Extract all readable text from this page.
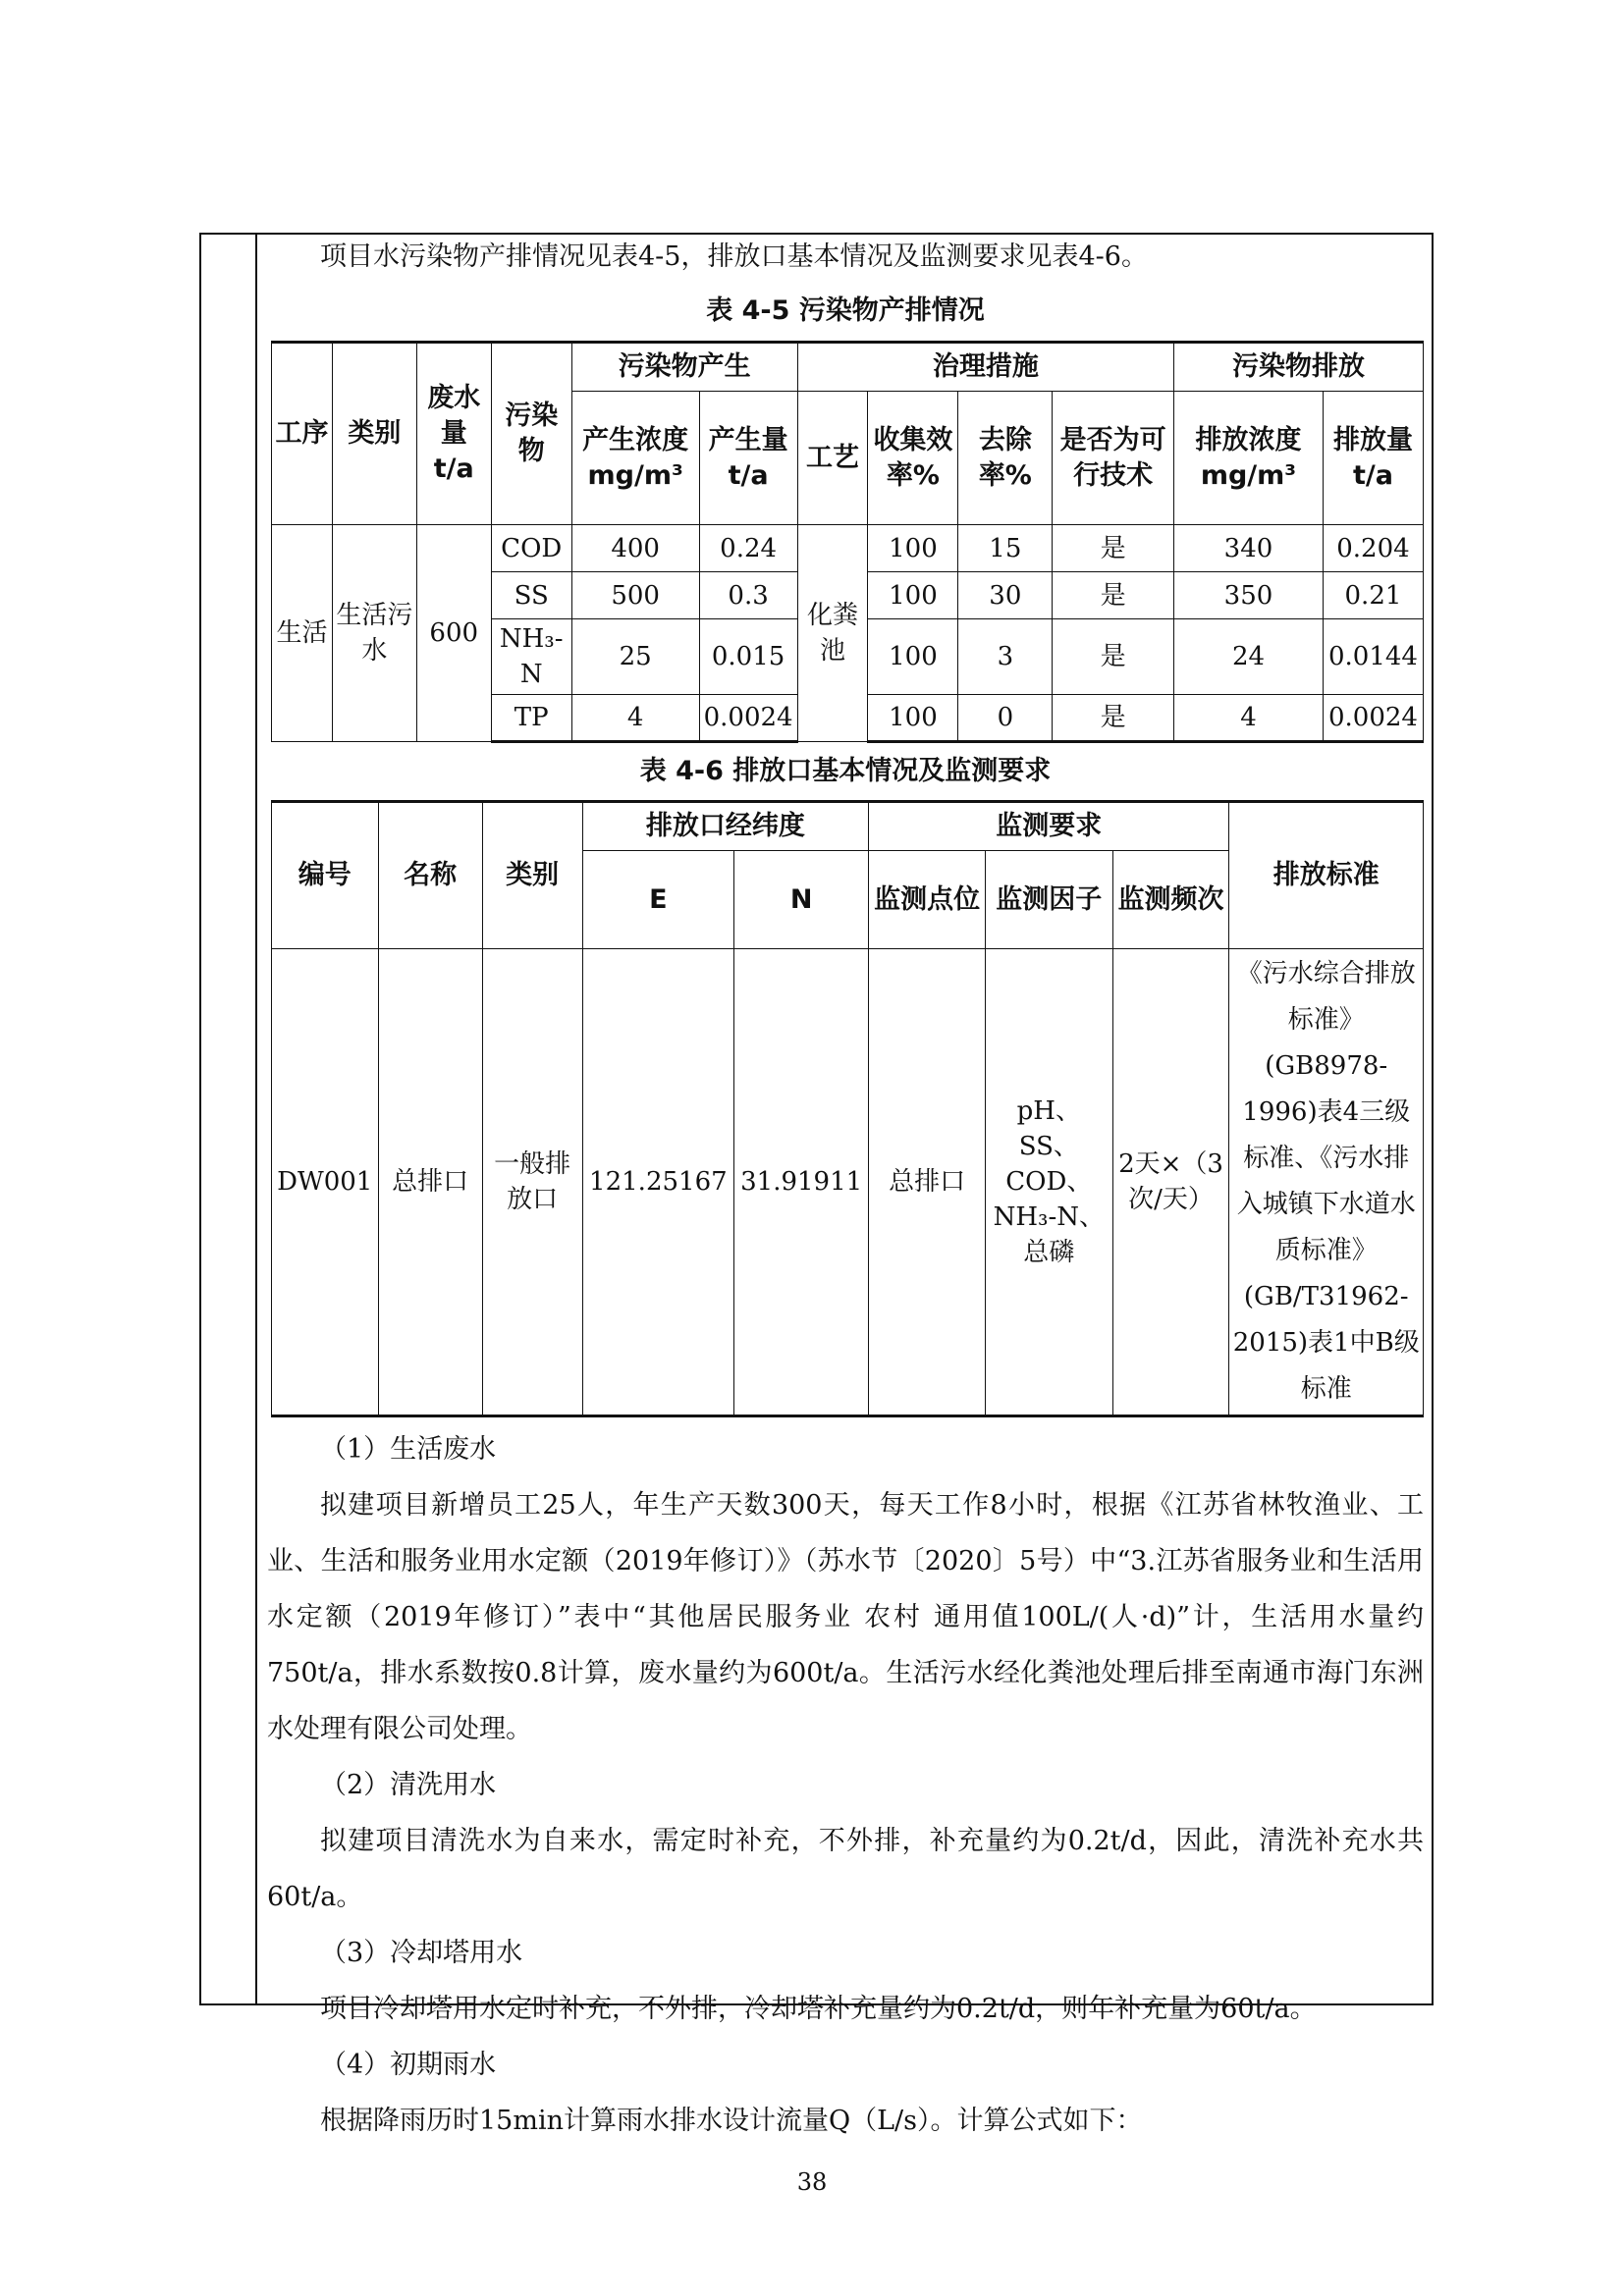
项目水污染物产排情况见表4-5，排放口基本情况及监测要求见表4-6。

表 4-5 污染物产排情况
工序	类别	废水量 t/a	污染物	污染物产生		治理措施				污染物排放	
				产生浓度 mg/m³	产生量 t/a	工艺	收集效率%	去除率%	是否为可行技术	排放浓度 mg/m³	排放量 t/a
生活	生活污水	600	COD	400	0.24	化粪池	100	15	是	340	0.204
			SS	500	0.3		100	30	是	350	0.21
			NH₃-N	25	0.015		100	3	是	24	0.0144
			TP	4	0.0024		100	0	是	4	0.0024
表 4-6 排放口基本情况及监测要求
编号	名称	类别	排放口经纬度		监测要求			排放标准
			E	N	监测点位	监测因子	监测频次	
DW001	总排口	一般排放口	121.25167	31.91911	总排口	pH、SS、COD、NH₃-N、总磷	2天×（3次/天）	《污水综合排放标准》(GB8978-1996)表4三级标准、《污水排入城镇下水道水质标准》(GB/T31962-2015)表1中B级标准

（1）生活废水

拟建项目新增员工25人，年生产天数300天，每天工作8小时，根据《江苏省林牧渔业、工业、生活和服务业用水定额（2019年修订）》（苏水节〔2020〕5号）中“3.江苏省服务业和生活用水定额（2019年修订）”表中“其他居民服务业 农村 通用值100L/(人·d)”计，生活用水量约750t/a，排水系数按0.8计算，废水量约为600t/a。生活污水经化粪池处理后排至南通市海门东洲水处理有限公司处理。

（2）清洗用水

拟建项目清洗水为自来水，需定时补充，不外排，补充量约为0.2t/d，因此，清洗补充水共60t/a。

（3）冷却塔用水

项目冷却塔用水定时补充，不外排，冷却塔补充量约为0.2t/d，则年补充量为60t/a。

（4）初期雨水

根据降雨历时15min计算雨水排水设计流量Q（L/s）。计算公式如下：

38
